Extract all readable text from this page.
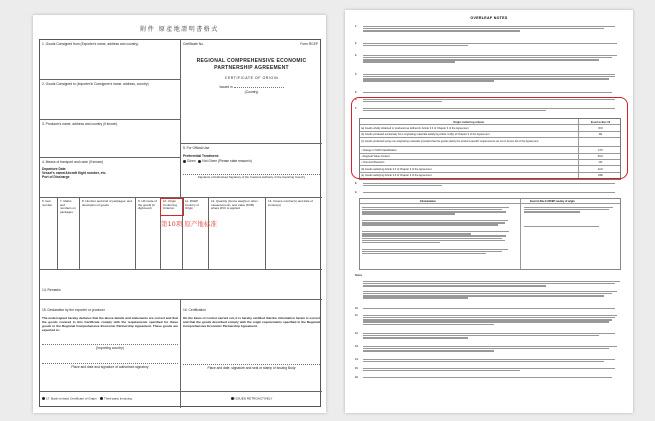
附件 原產地證明書格式
1. Goods Consigned from (Exporter's name, address and country)
2. Goods Consigned to (Importer's/ Consignee's name, address, country)
3. Producer's name, address and country (if known)
4. Means of transport and route (if known)
Departure Date
Vessel's name/Aircraft flight number, etc.
Port of Discharge
Certificate No.	Form RCEP
REGIONAL COMPREHENSIVE ECONOMIC PARTNERSHIP AGREEMENT
CERTIFICATE OF ORIGIN
Issued in
(Country)
5. For Official Use
Preferential Treatment:
Given Not Given (Please state reason/s)
Signature of Authorised Signatory of the Customs Authority of the Importing Country
6. Item number
7. Marks and numbers on packages
8. Number and kind of packages; and description of goods
9. HS Code of the goods (6 digit-level)
10. Origin Conferring Criterion
11. RCEP Country of Origin
12. Quantity (Gross weight or other measurement), and value (FOB) where RVC is applied
13. Invoice number(s) and date of invoice(s)
第10项 原产地标准
14. Remarks
15. Declaration by the exporter or producer
The undersigned hereby declares that the above details and statements are correct and that the goods covered in this Certificate comply with the requirements specified for these goods in the Regional Comprehensive Economic Partnership Agreement. These goods are exported to:
(Importing country)
Place and date and signature of authorised signatory
16. Certification
On the basis of control carried out, it is hereby certified that the information herein is correct and that the goods described comply with the origin requirements specified in the Regional Comprehensive Economic Partnership Agreement.
Place and date, signature and seal or stamp of Issuing Body
17. Back-to-back Certificate of Origin Third-party invoicing	ISSUED RETROACTIVELY
OVERLEAF NOTES
1.
2.
3.
4.
5.
6.
7.
Origin conferring criteria	Insert in Box 10
(a) Goods wholly obtained or produced as defined in Article 3.3 of Chapter 3 of the Agreement	WO
(b) Goods produced exclusively from originating materials satisfying Article 3.2(b) of Chapter 3 of the Agreement	PE
(c) Goods produced using non-originating materials provided that the goods satisfy the product-specific requirements set out in Annex 3A of the Agreement
- Change in Tariff Classification	CTC
- Regional Value Content	RVC
- Chemical Reaction	CR
(d) Goods satisfying Article 3.4 of Chapter 3 of the Agreement	ACU
(e) Goods satisfying Article 3.5 of Chapter 3 of the Agreement	DMI
8.
9.
Circumstance	Insert in Box 11 RCEP country of origin
Notes
10.
11.
12.
13.
14.
15.
16.
